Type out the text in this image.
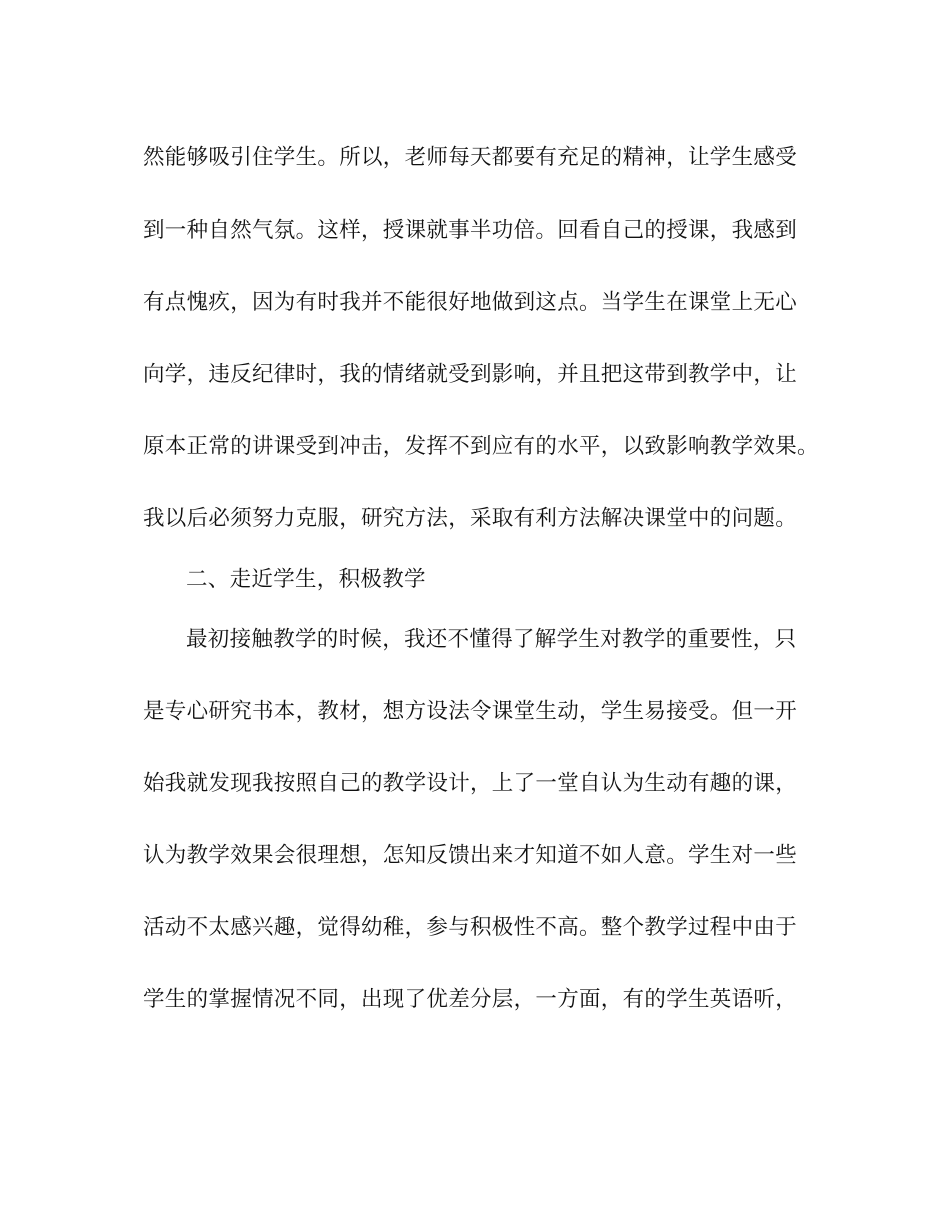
然能够吸引住学生。所以，老师每天都要有充足的精神，让学生感受
到一种自然气氛。这样，授课就事半功倍。回看自己的授课，我感到
有点愧疚，因为有时我并不能很好地做到这点。当学生在课堂上无心
向学，违反纪律时，我的情绪就受到影响，并且把这带到教学中，让
原本正常的讲课受到冲击，发挥不到应有的水平，以致影响教学效果。
我以后必须努力克服，研究方法，采取有利方法解决课堂中的问题。
二、走近学生，积极教学
最初接触教学的时候，我还不懂得了解学生对教学的重要性，只
是专心研究书本，教材，想方设法令课堂生动，学生易接受。但一开
始我就发现我按照自己的教学设计，上了一堂自认为生动有趣的课，
认为教学效果会很理想，怎知反馈出来才知道不如人意。学生对一些
活动不太感兴趣，觉得幼稚，参与积极性不高。整个教学过程中由于
学生的掌握情况不同，出现了优差分层，一方面，有的学生英语听，
